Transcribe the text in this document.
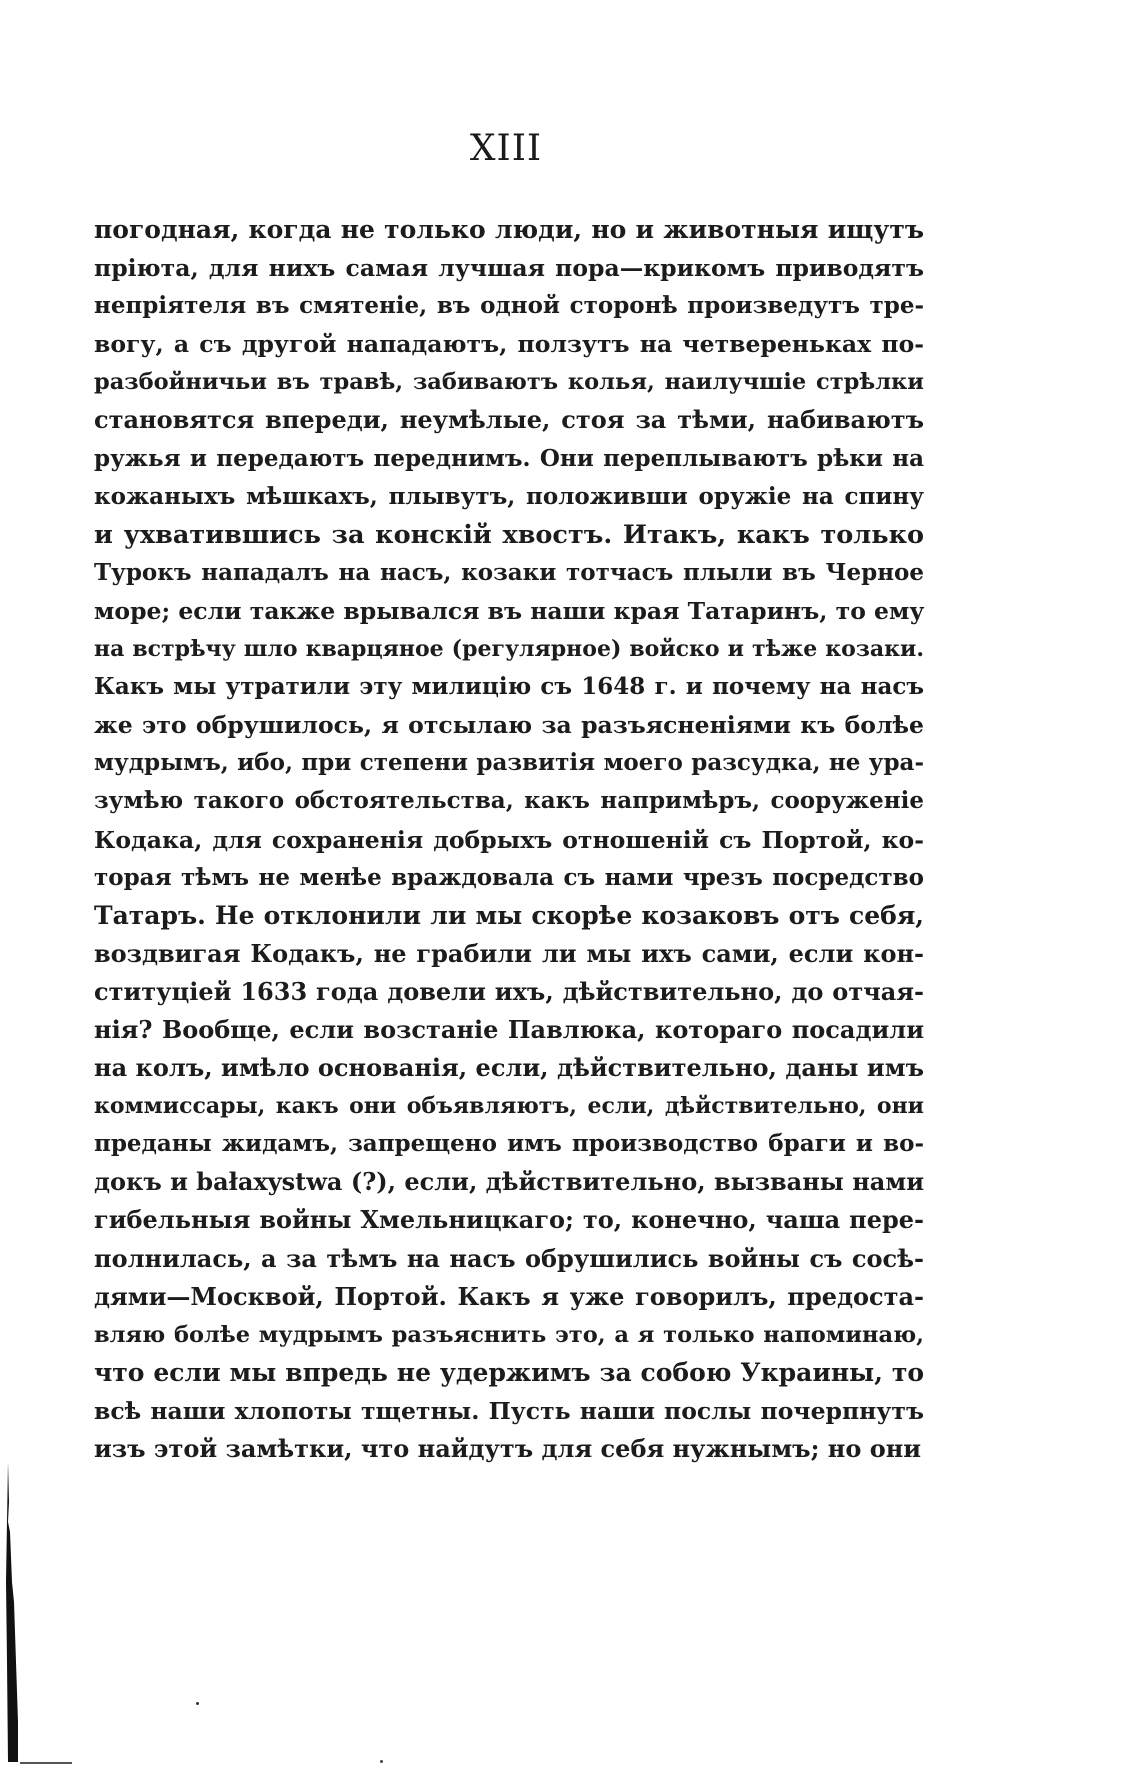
XIII
погодная, когда не только люди, но и животныя ищутъ
пріюта, для нихъ самая лучшая пора—крикомъ приводятъ
непріятеля въ смятеніе, въ одной сторонѣ произведутъ тре-
вогу, а съ другой нападаютъ, ползутъ на четвереньках по-
разбойничьи въ травѣ, забиваютъ колья, наилучшіе стрѣлки
становятся впереди, неумѣлые, стоя за тѣми, набиваютъ
ружья и передаютъ переднимъ. Они переплываютъ рѣки на
кожаныхъ мѣшкахъ, плывутъ, положивши оружіе на спину
и ухватившись за конскій хвостъ. Итакъ, какъ только
Турокъ нападалъ на насъ, козаки тотчасъ плыли въ Черное
море; если также врывался въ наши края Татаринъ, то ему
на встрѣчу шло кварцяное (регулярное) войско и тѣже козаки.
Какъ мы утратили эту милицію съ 1648 г. и почему на насъ
же это обрушилось, я отсылаю за разъясненіями къ болѣе
мудрымъ, ибо, при степени развитія моего разсудка, не ура-
зумѣю такого обстоятельства, какъ напримѣръ, сооруженіе
Кодака, для сохраненія добрыхъ отношеній съ Портой, ко-
торая тѣмъ не менѣе враждовала съ нами чрезъ посредство
Татаръ. Не отклонили ли мы скорѣе козаковъ отъ себя,
воздвигая Кодакъ, не грабили ли мы ихъ сами, если кон-
ституціей 1633 года довели ихъ, дѣйствительно, до отчая-
нія? Вообще, если возстаніе Павлюка, котораго посадили
на колъ, имѣло основанія, если, дѣйствительно, даны имъ
коммиссары, какъ они объявляютъ, если, дѣйствительно, они
преданы жидамъ, запрещено имъ производство браги и во-
докъ и bałaxystwa (?), если, дѣйствительно, вызваны нами
гибельныя войны Хмельницкаго; то, конечно, чаша пере-
полнилась, а за тѣмъ на насъ обрушились войны съ сосѣ-
дями—Москвой, Портой. Какъ я уже говорилъ, предоста-
вляю болѣе мудрымъ разъяснить это, а я только напоминаю,
что если мы впредь не удержимъ за собою Украины, то
всѣ наши хлопоты тщетны. Пусть наши послы почерпнутъ
изъ этой замѣтки, что найдутъ для себя нужнымъ; но они
